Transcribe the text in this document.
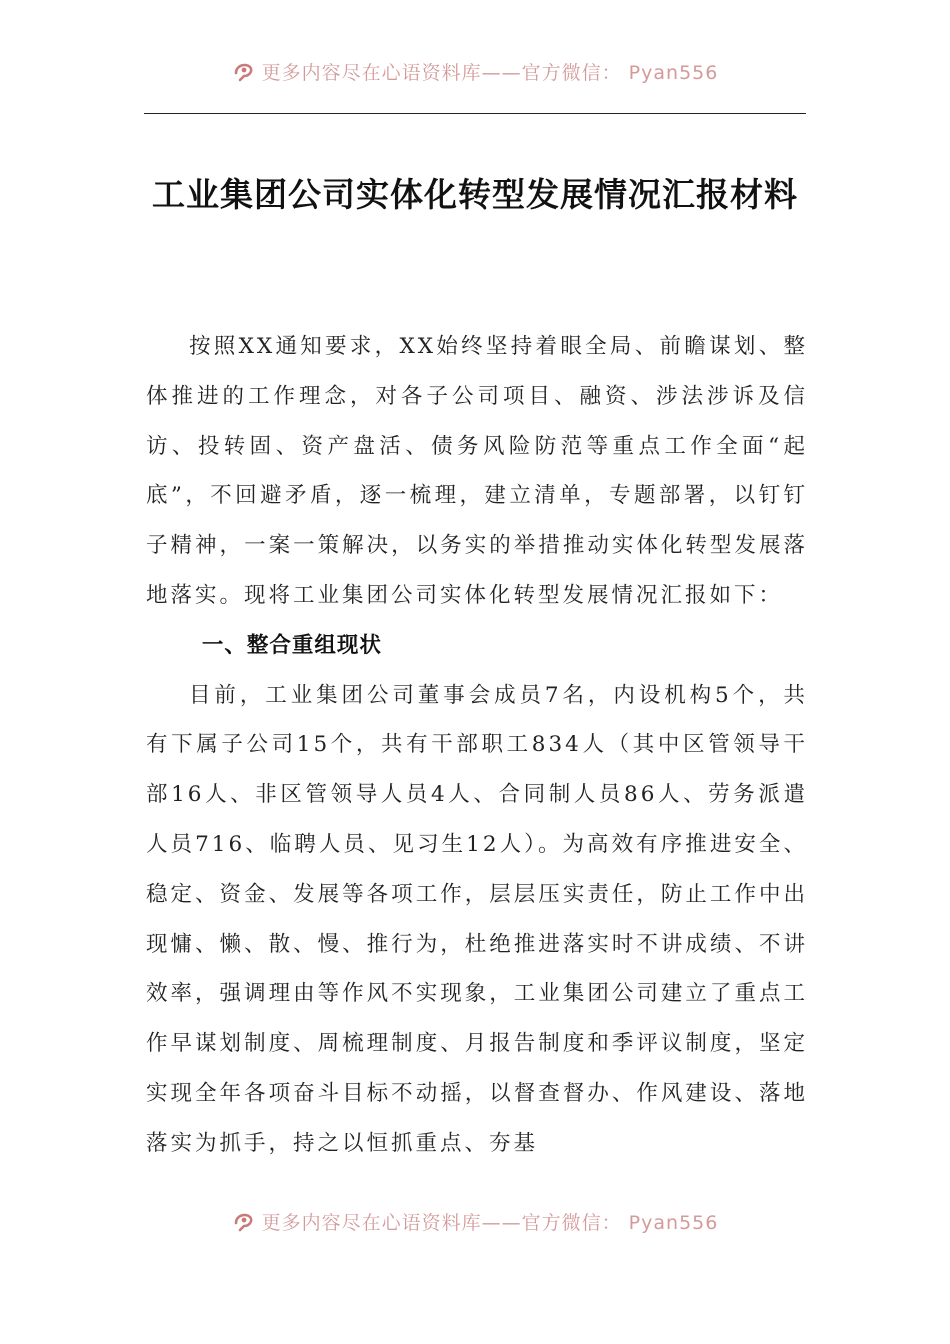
更多内容尽在心语资料库——官方微信： Pyan556
工业集团公司实体化转型发展情况汇报材料

按照XX通知要求，XX始终坚持着眼全局、前瞻谋划、整体推进的工作理念，对各子公司项目、融资、涉法涉诉及信访、投转固、资产盘活、债务风险防范等重点工作全面“起底”，不回避矛盾，逐一梳理，建立清单，专题部署，以钉钉子精神，一案一策解决，以务实的举措推动实体化转型发展落地落实。现将工业集团公司实体化转型发展情况汇报如下：

一、整合重组现状

目前，工业集团公司董事会成员7名，内设机构5个，共有下属子公司15个，共有干部职工834人（其中区管领导干部16人、非区管领导人员4人、合同制人员86人、劳务派遣人员716、临聘人员、见习生12人）。为高效有序推进安全、稳定、资金、发展等各项工作，层层压实责任，防止工作中出现慵、懒、散、慢、推行为，杜绝推进落实时不讲成绩、不讲效率，强调理由等作风不实现象，工业集团公司建立了重点工作早谋划制度、周梳理制度、月报告制度和季评议制度，坚定实现全年各项奋斗目标不动摇，以督查督办、作风建设、落地落实为抓手，持之以恒抓重点、夯基

更多内容尽在心语资料库——官方微信： Pyan556
